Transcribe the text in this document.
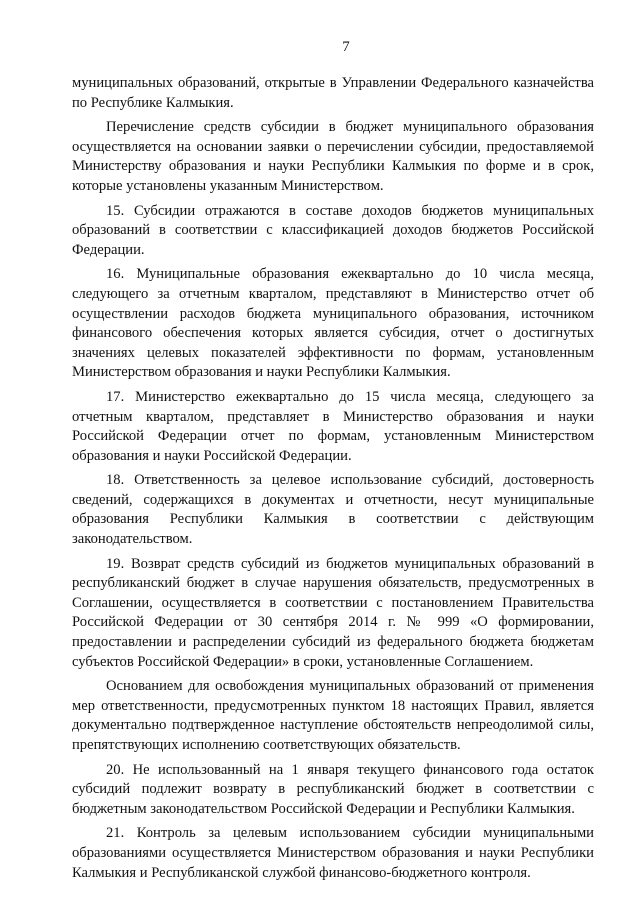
7

муниципальных образований, открытые в Управлении Федерального казначейства по Республике Калмыкия.

Перечисление средств субсидии в бюджет муниципального образования осуществляется на основании заявки о перечислении субсидии, предоставляемой Министерству образования и науки Республики Калмыкия по форме и в срок, которые установлены указанным Министерством.

15. Субсидии отражаются в составе доходов бюджетов муниципальных образований в соответствии с классификацией доходов бюджетов Российской Федерации.

16. Муниципальные образования ежеквартально до 10 числа месяца, следующего за отчетным кварталом, представляют в Министерство отчет об осуществлении расходов бюджета муниципального образования, источником финансового обеспечения которых является субсидия, отчет о достигнутых значениях целевых показателей эффективности по формам, установленным Министерством образования и науки Республики Калмыкия.

17. Министерство ежеквартально до 15 числа месяца, следующего за отчетным кварталом, представляет в Министерство образования и науки Российской Федерации отчет по формам, установленным Министерством образования и науки Российской Федерации.

18. Ответственность за целевое использование субсидий, достоверность сведений, содержащихся в документах и отчетности, несут муниципальные образования Республики Калмыкия в соответствии с действующим законодательством.

19. Возврат средств субсидий из бюджетов муниципальных образований в республиканский бюджет в случае нарушения обязательств, предусмотренных в Соглашении, осуществляется в соответствии с постановлением Правительства Российской Федерации от 30 сентября 2014 г. № 999 «О формировании, предоставлении и распределении субсидий из федерального бюджета бюджетам субъектов Российской Федерации» в сроки, установленные Соглашением.

Основанием для освобождения муниципальных образований от применения мер ответственности, предусмотренных пунктом 18 настоящих Правил, является документально подтвержденное наступление обстоятельств непреодолимой силы, препятствующих исполнению соответствующих обязательств.

20. Не использованный на 1 января текущего финансового года остаток субсидий подлежит возврату в республиканский бюджет в соответствии с бюджетным законодательством Российской Федерации и Республики Калмыкия.

21. Контроль за целевым использованием субсидии муниципальными образованиями осуществляется Министерством образования и науки Республики Калмыкия и Республиканской службой финансово-бюджетного контроля.
